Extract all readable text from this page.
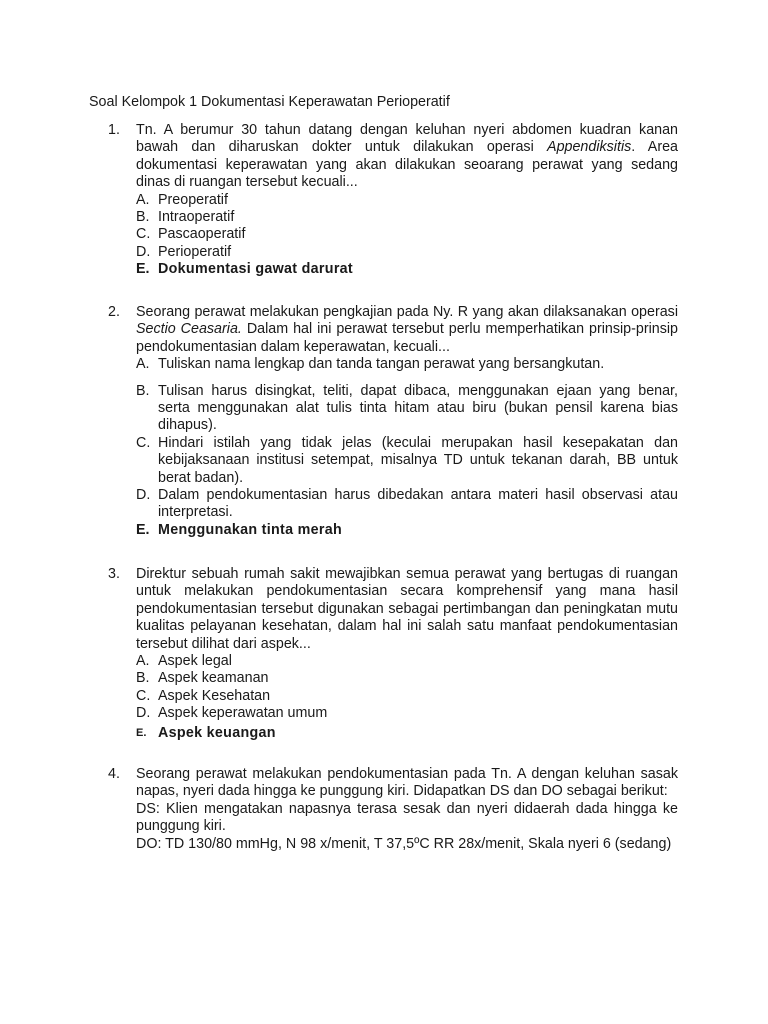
Soal Kelompok 1 Dokumentasi Keperawatan Perioperatif
1.	Tn. A berumur 30 tahun datang dengan keluhan nyeri abdomen kuadran kanan bawah dan diharuskan dokter untuk dilakukan operasi Appendiksitis. Area dokumentasi keperawatan yang akan dilakukan seoarang perawat yang sedang dinas di ruangan tersebut kecuali...
A. Preoperatif
B. Intraoperatif
C. Pascaoperatif
D. Perioperatif
E. Dokumentasi gawat darurat
2.	Seorang perawat melakukan pengkajian pada Ny. R yang akan dilaksanakan operasi Sectio Ceasaria. Dalam hal ini perawat tersebut perlu memperhatikan prinsip-prinsip pendokumentasian dalam keperawatan, kecuali...
A. Tuliskan nama lengkap dan tanda tangan perawat yang bersangkutan.
B. Tulisan harus disingkat, teliti, dapat dibaca, menggunakan ejaan yang benar, serta menggunakan alat tulis tinta hitam atau biru (bukan pensil karena bias dihapus).
C. Hindari istilah yang tidak jelas (keculai merupakan hasil kesepakatan dan kebijaksanaan institusi setempat, misalnya TD untuk tekanan darah, BB untuk berat badan).
D. Dalam pendokumentasian harus dibedakan antara materi hasil observasi atau interpretasi.
E. Menggunakan tinta merah
3.	Direktur sebuah rumah sakit mewajibkan semua perawat yang bertugas di ruangan untuk melakukan pendokumentasian secara komprehensif yang mana hasil pendokumentasian tersebut digunakan sebagai pertimbangan dan peningkatan mutu kualitas pelayanan kesehatan, dalam hal ini salah satu manfaat pendokumentasian tersebut dilihat dari aspek...
A. Aspek legal
B. Aspek keamanan
C. Aspek Kesehatan
D. Aspek keperawatan umum
E. Aspek keuangan
4.	Seorang perawat melakukan pendokumentasian pada Tn. A dengan keluhan sasak napas, nyeri dada hingga ke punggung kiri. Didapatkan DS dan DO sebagai berikut:
DS: Klien mengatakan napasnya terasa sesak dan nyeri didaerah dada hingga ke punggung kiri.
DO: TD 130/80 mmHg, N 98 x/menit, T 37,5ºC RR 28x/menit, Skala nyeri 6 (sedang)
